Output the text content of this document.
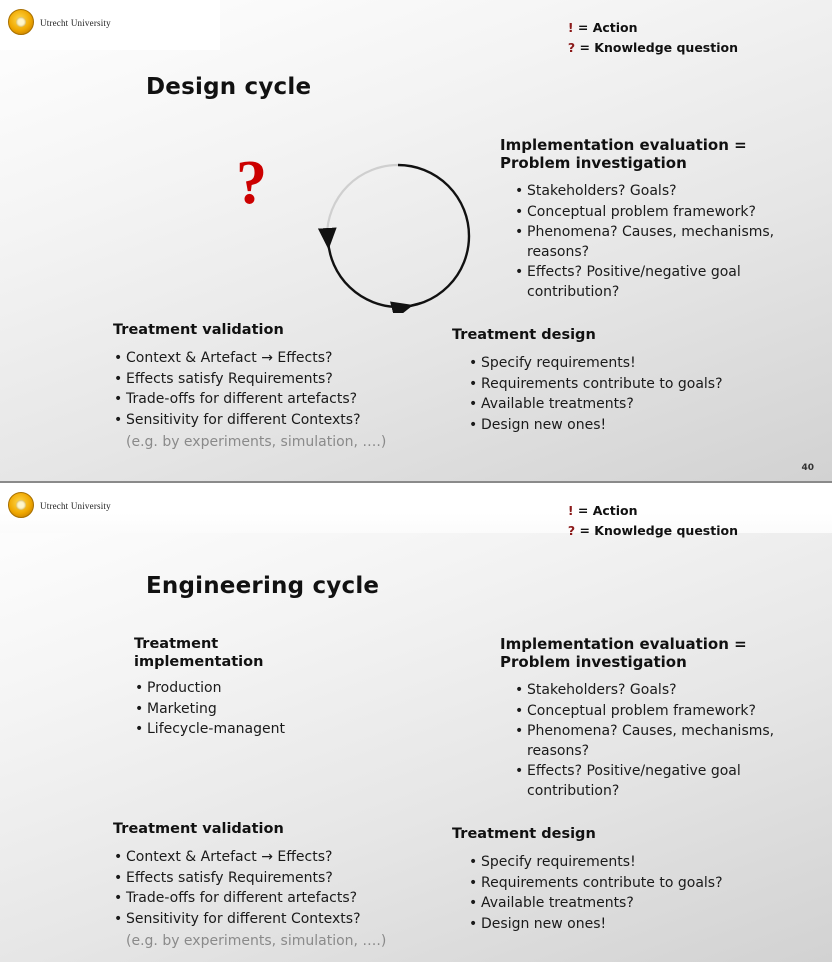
Utrecht University	! = Action
? = Knowledge question
Design cycle
?
Implementation evaluation =
Problem investigation
• Stakeholders? Goals?
• Conceptual problem framework?
• Phenomena? Causes, mechanisms, reasons?
• Effects? Positive/negative goal contribution?
Treatment validation
• Context & Artefact → Effects?
• Effects satisfy Requirements?
• Trade-offs for different artefacts?
• Sensitivity for different Contexts?
(e.g. by experiments, simulation, ….)
Treatment design
• Specify requirements!
• Requirements contribute to goals?
• Available treatments?
• Design new ones!
40
Utrecht University	! = Action
? = Knowledge question
Engineering cycle
Treatment
implementation
• Production
• Marketing
• Lifecycle-managent
Implementation evaluation =
Problem investigation
• Stakeholders? Goals?
• Conceptual problem framework?
• Phenomena? Causes, mechanisms, reasons?
• Effects? Positive/negative goal contribution?
Treatment validation
• Context & Artefact → Effects?
• Effects satisfy Requirements?
• Trade-offs for different artefacts?
• Sensitivity for different Contexts?
(e.g. by experiments, simulation, ….)
Treatment design
• Specify requirements!
• Requirements contribute to goals?
• Available treatments?
• Design new ones!
